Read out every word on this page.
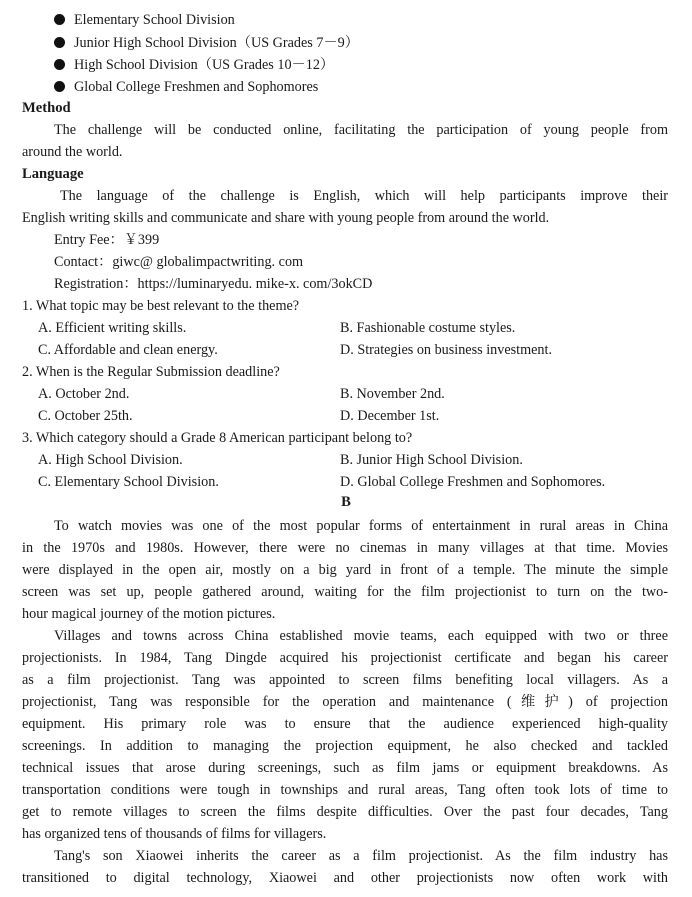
Elementary School Division
Junior High School Division（US Grades 7－9）
High School Division（US Grades 10－12）
Global College Freshmen and Sophomores
Method
The challenge will be conducted online, facilitating the participation of young people from
around the world.
Language
The language of the challenge is English, which will help participants improve their
English writing skills and communicate and share with young people from around the world.
Entry Fee：￥399
Contact：giwc@ globalimpactwriting. com
Registration：https://luminaryedu. mike-x. com/3okCD
1. What topic may be best relevant to the theme?
A. Efficient writing skills.	B. Fashionable costume styles.
C. Affordable and clean energy.	D. Strategies on business investment.
2. When is the Regular Submission deadline?
A. October 2nd.	B. November 2nd.
C. October 25th.	D. December 1st.
3. Which category should a Grade 8 American participant belong to?
A. High School Division.	B. Junior High School Division.
C. Elementary School Division.	D. Global College Freshmen and Sophomores.
B
To watch movies was one of the most popular forms of entertainment in rural areas in China
in the 1970s and 1980s. However, there were no cinemas in many villages at that time. Movies
were displayed in the open air, mostly on a big yard in front of a temple. The minute the simple
screen was set up, people gathered around, waiting for the film projectionist to turn on the two-
hour magical journey of the motion pictures.
Villages and towns across China established movie teams, each equipped with two or three
projectionists. In 1984, Tang Dingde acquired his projectionist certificate and began his career
as a film projectionist. Tang was appointed to screen films benefiting local villagers. As a
projectionist, Tang was responsible for the operation and maintenance (维护) of projection
equipment. His primary role was to ensure that the audience experienced high-quality
screenings. In addition to managing the projection equipment, he also checked and tackled
technical issues that arose during screenings, such as film jams or equipment breakdowns. As
transportation conditions were tough in townships and rural areas, Tang often took lots of time to
get to remote villages to screen the films despite difficulties. Over the past four decades, Tang
has organized tens of thousands of films for villagers.
Tang's son Xiaowei inherits the career as a film projectionist. As the film industry has
transitioned to digital technology, Xiaowei and other projectionists now often work with
